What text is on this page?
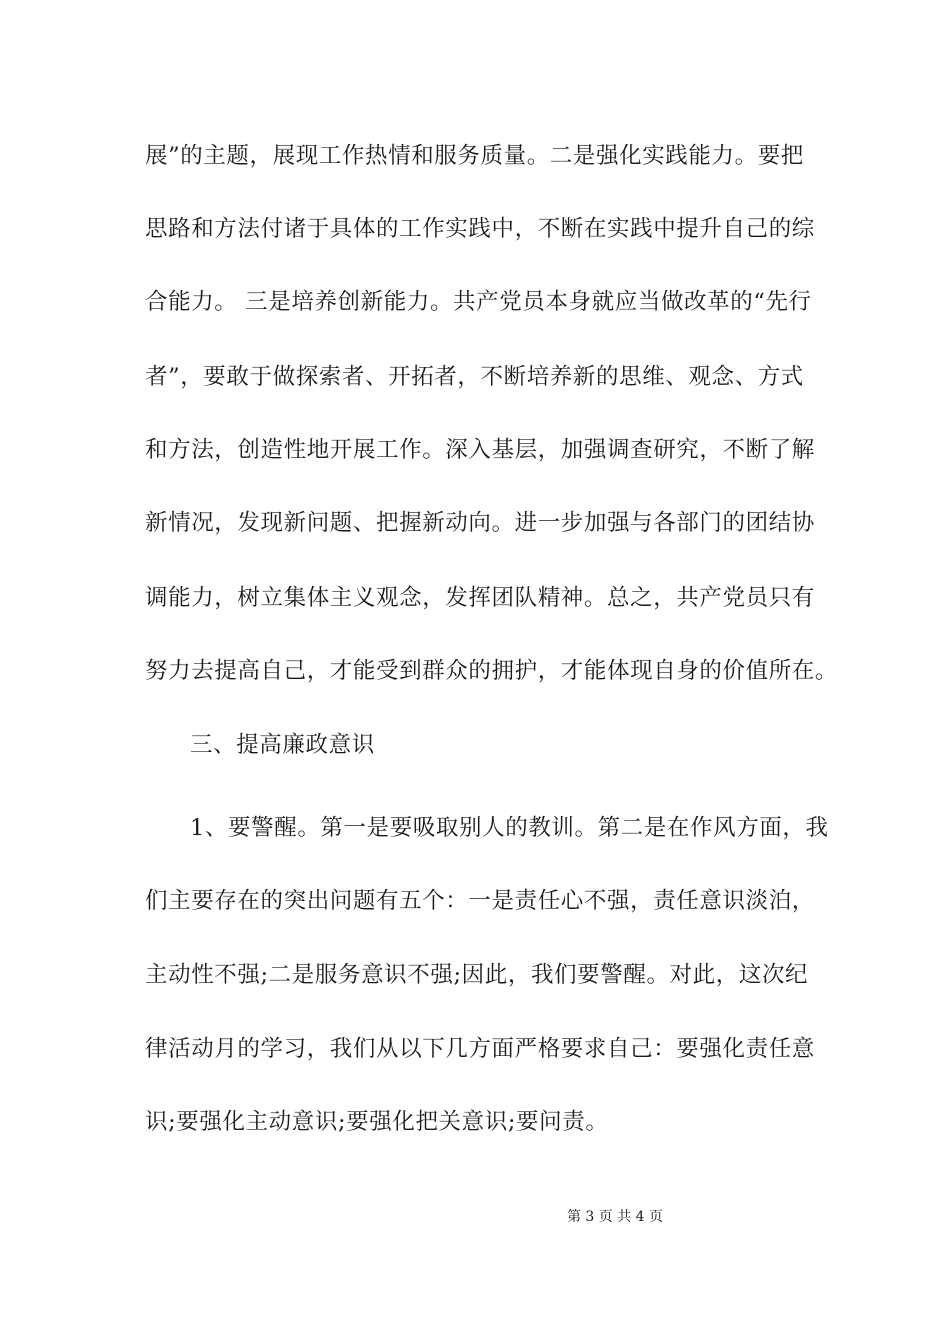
展”的主题，展现工作热情和服务质量。二是强化实践能力。要把
思路和方法付诸于具体的工作实践中，不断在实践中提升自己的综
合能力。 三是培养创新能力。共产党员本身就应当做改革的“先行
者”，要敢于做探索者、开拓者，不断培养新的思维、观念、方式
和方法，创造性地开展工作。深入基层，加强调查研究，不断了解
新情况，发现新问题、把握新动向。进一步加强与各部门的团结协
调能力，树立集体主义观念，发挥团队精神。总之，共产党员只有
努力去提高自己，才能受到群众的拥护，才能体现自身的价值所在。
三、提高廉政意识
1、要警醒。第一是要吸取别人的教训。第二是在作风方面，我
们主要存在的突出问题有五个：一是责任心不强，责任意识淡泊，
主动性不强;二是服务意识不强;因此，我们要警醒。对此，这次纪
律活动月的学习，我们从以下几方面严格要求自己：要强化责任意
识;要强化主动意识;要强化把关意识;要问责。
第 3 页 共 4 页
